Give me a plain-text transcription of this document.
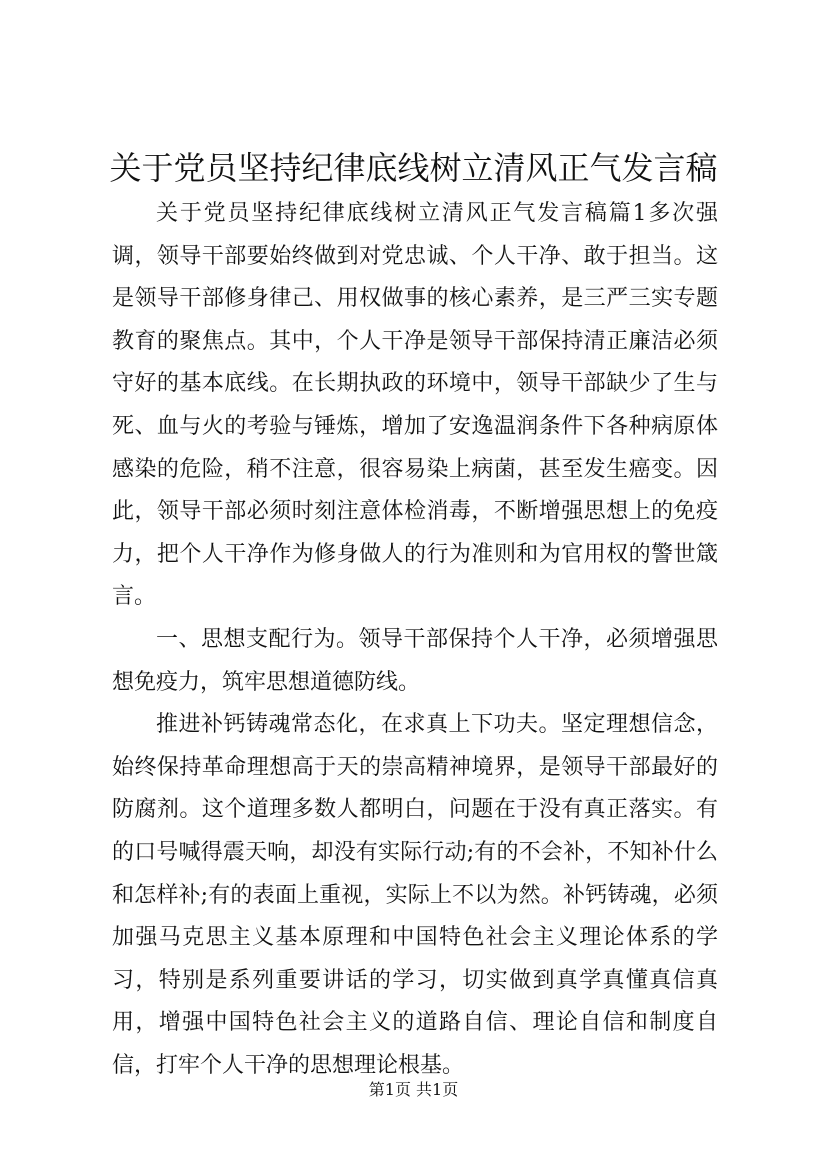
关于党员坚持纪律底线树立清风正气发言稿

关于党员坚持纪律底线树立清风正气发言稿篇1多次强调，领导干部要始终做到对党忠诚、个人干净、敢于担当。这是领导干部修身律己、用权做事的核心素养，是三严三实专题教育的聚焦点。其中，个人干净是领导干部保持清正廉洁必须守好的基本底线。在长期执政的环境中，领导干部缺少了生与死、血与火的考验与锤炼，增加了安逸温润条件下各种病原体感染的危险，稍不注意，很容易染上病菌，甚至发生癌变。因此，领导干部必须时刻注意体检消毒，不断增强思想上的免疫力，把个人干净作为修身做人的行为准则和为官用权的警世箴言。

一、思想支配行为。领导干部保持个人干净，必须增强思想免疫力，筑牢思想道德防线。

推进补钙铸魂常态化，在求真上下功夫。坚定理想信念，始终保持革命理想高于天的崇高精神境界，是领导干部最好的防腐剂。这个道理多数人都明白，问题在于没有真正落实。有的口号喊得震天响，却没有实际行动;有的不会补，不知补什么和怎样补;有的表面上重视，实际上不以为然。补钙铸魂，必须加强马克思主义基本原理和中国特色社会主义理论体系的学习，特别是系列重要讲话的学习，切实做到真学真懂真信真用，增强中国特色社会主义的道路自信、理论自信和制度自信，打牢个人干净的思想理论根基。

第1页 共1页
